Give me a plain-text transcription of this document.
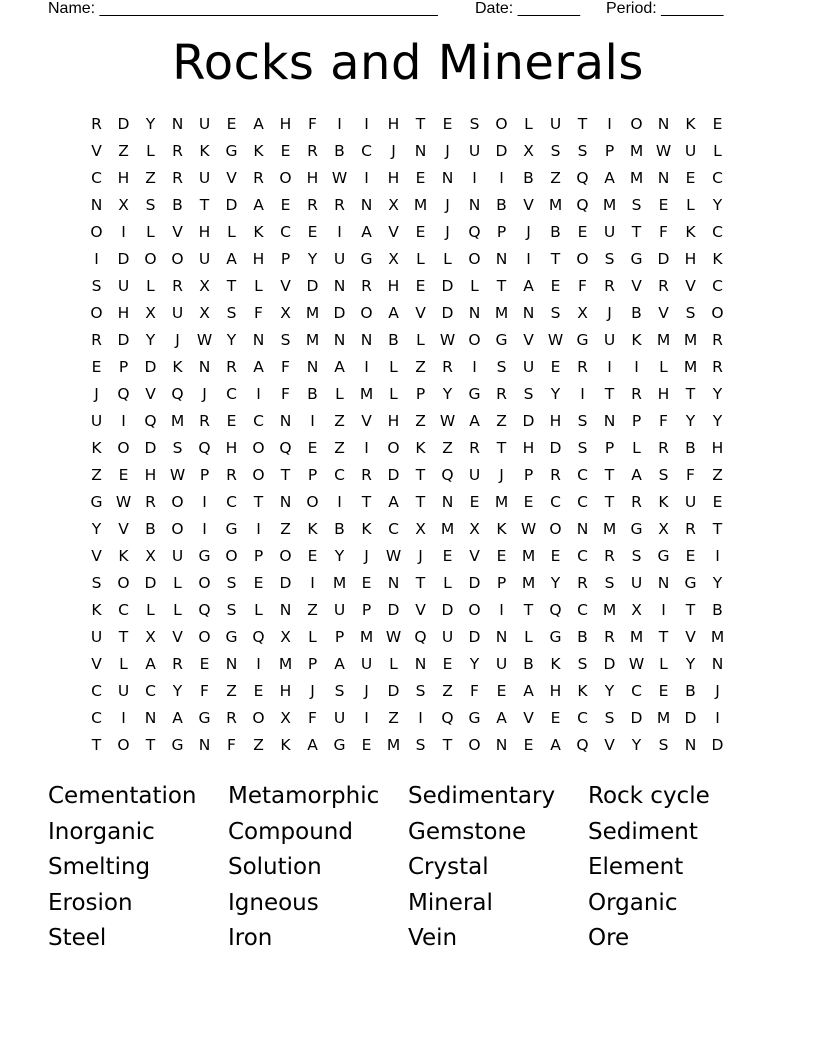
Name: ______________________________________ Date: _______ Period: _______
Rocks and Minerals
R	D	Y	N	U	E	A	H	F	I	I	H	T	E	S	O	L	U	T	I	O N	K	E
V	Z	L	R	K	G	K	E	R	B	C	J	N	J	U D	X	S	S	P	M W U	L
C	H	Z	R	U	V	R	O H W	I	H	E	N	I	I	B	Z	Q	A M N	E	C
N	X	S	B	T	D	A	E	R	R	N	X M	J	N	B	V M Q M S	E	L	Y
O	I	L	V	H	L	K	C	E	I	A	V	E	J	Q	P	J	B	E	U	T	F	K	C
I	D O O U	A	H	P	Y	U G	X	L	L	O N	I	T	O	S	G D H	K
S	U	L	R	X	T	L	V	D N	R	H	E	D	L	T	A	E	F	R	V	R	V	C
O H	X	U	X	S	F	X M D O	A	V	D N M N	S	X	J	B	V	S	O
R	D	Y	J	W Y	N	S M N N	B	L W O G	V W G U	K M M R
E	P	D	K	N	R	A	F	N	A	I	L	Z	R	I	S	U	E	R	I	I	L	M R
J	Q	V	Q	J	C	I	F	B	L	M	L	P	Y	G	R	S	Y	I	T	R	H	T	Y
U	I	Q M R	E	C	N	I	Z	V	H	Z W A	Z	D H	S	N	P	F	Y	Y
K	O D	S	Q H O Q	E	Z	I	O	K	Z	R	T	H D	S	P	L	R	B	H
Z	E	H W P	R	O	T	P	C	R	D	T	Q U	J	P	R	C	T	A	S	F	Z
G W R	O	I	C	T	N O	I	T	A	T	N	E M E	C	C	T	R	K	U	E
Y	V	B	O	I	G	I	Z	K	B	K	C	X M X	K W O N M G	X	R	T
V	K	X	U G O	P	O	E	Y	J	W	J	E	V	E M E	C	R	S	G	E	I
S	O D	L	O	S	E	D	I	M E	N	T	L	D	P	M	Y	R	S	U	N G	Y
K	C	L	L	Q	S	L	N	Z	U	P	D	V	D O	I	T	Q C M X	I	T	B
U	T	X	V	O G Q	X	L	P	M W Q U D N	L	G	B	R M	T	V M
V	L	A	R	E	N	I	M	P	A	U	L	N	E	Y	U	B	K	S	D W L	Y	N
C	U	C	Y	F	Z	E	H	J	S	J	D	S	Z	F	E	A	H	K	Y	C	E	B	J
C	I	N	A	G	R	O	X	F	U	I	Z	I	Q G	A	V	E	C	S	D M D	I
T	O	T	G N	F	Z	K	A	G	E M S	T	O N	E	A	Q	V	Y	S	N D
Cementation	Metamorphic	Sedimentary	Rock cycle
Inorganic	Compound	Gemstone	Sediment
Smelting	Solution	Crystal	Element
Erosion	Igneous	Mineral	Organic
Steel	Iron	Vein	Ore
